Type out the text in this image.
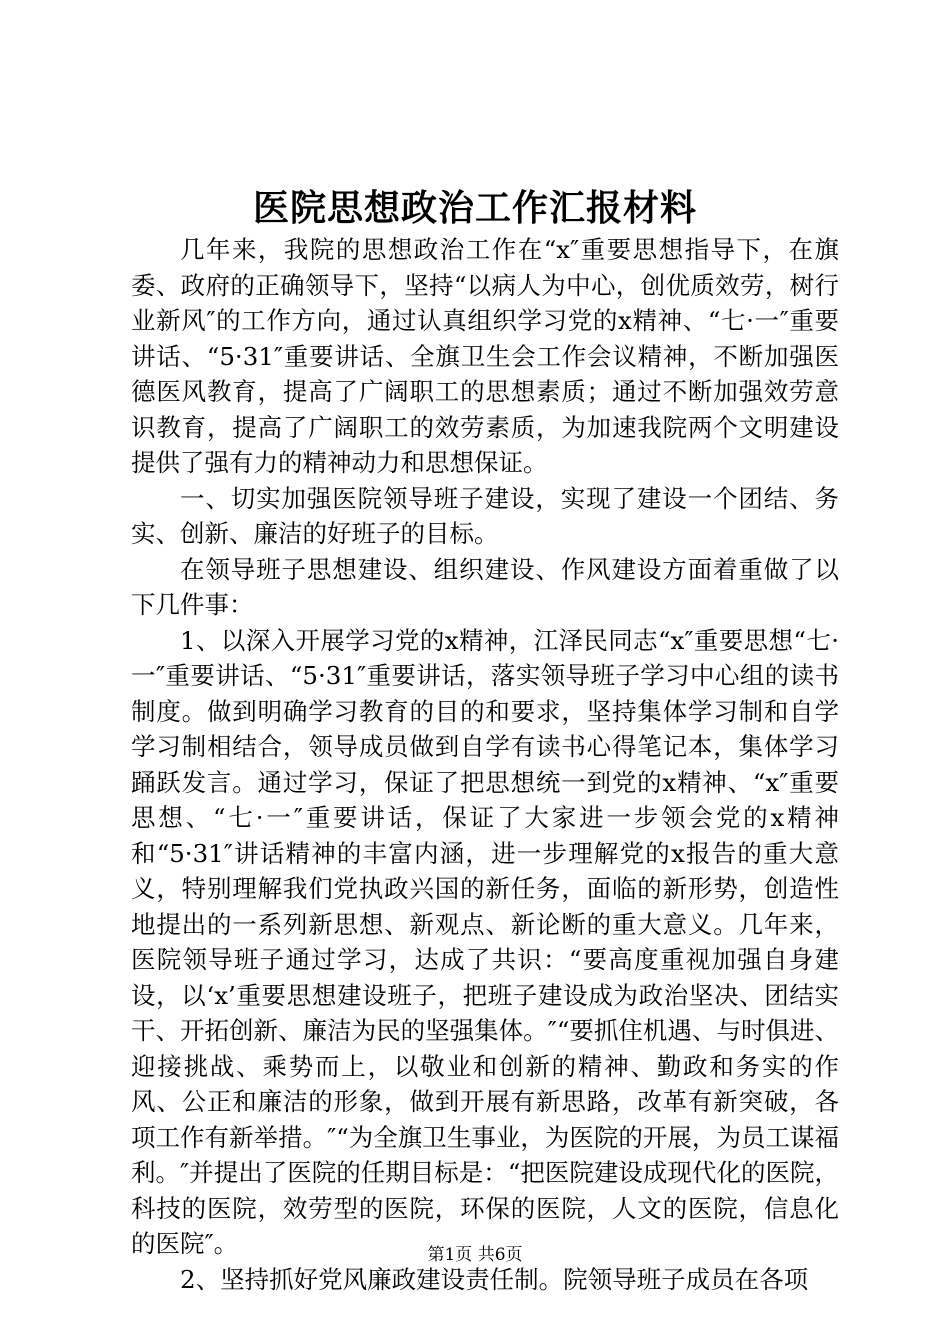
医院思想政治工作汇报材料

几年来，我院的思想政治工作在“x″重要思想指导下，在旗委、政府的正确领导下，坚持“以病人为中心，创优质效劳，树行业新风″的工作方向，通过认真组织学习党的x精神、“七·一″重要讲话、“5·31″重要讲话、全旗卫生会工作会议精神，不断加强医德医风教育，提高了广阔职工的思想素质；通过不断加强效劳意识教育，提高了广阔职工的效劳素质，为加速我院两个文明建设提供了强有力的精神动力和思想保证。

一、切实加强医院领导班子建设，实现了建设一个团结、务实、创新、廉洁的好班子的目标。

在领导班子思想建设、组织建设、作风建设方面着重做了以下几件事：

1、以深入开展学习党的x精神，江泽民同志“x″重要思想“七·一″重要讲话、“5·31″重要讲话，落实领导班子学习中心组的读书制度。做到明确学习教育的目的和要求，坚持集体学习制和自学学习制相结合，领导成员做到自学有读书心得笔记本，集体学习踊跃发言。通过学习，保证了把思想统一到党的x精神、“x″重要思想、“七·一″重要讲话，保证了大家进一步领会党的x精神和“5·31″讲话精神的丰富内涵，进一步理解党的x报告的重大意义，特别理解我们党执政兴国的新任务，面临的新形势，创造性地提出的一系列新思想、新观点、新论断的重大意义。几年来，医院领导班子通过学习，达成了共识：“要高度重视加强自身建设，以‘x’重要思想建设班子，把班子建设成为政治坚决、团结实干、开拓创新、廉洁为民的坚强集体。″“要抓住机遇、与时俱进、迎接挑战、乘势而上，以敬业和创新的精神、勤政和务实的作风、公正和廉洁的形象，做到开展有新思路，改革有新突破，各项工作有新举措。″“为全旗卫生事业，为医院的开展，为员工谋福利。″并提出了医院的任期目标是：“把医院建设成现代化的医院，科技的医院，效劳型的医院，环保的医院，人文的医院，信息化的医院″。

2、坚持抓好党风廉政建设责任制。院领导班子成员在各项

第1页 共6页
